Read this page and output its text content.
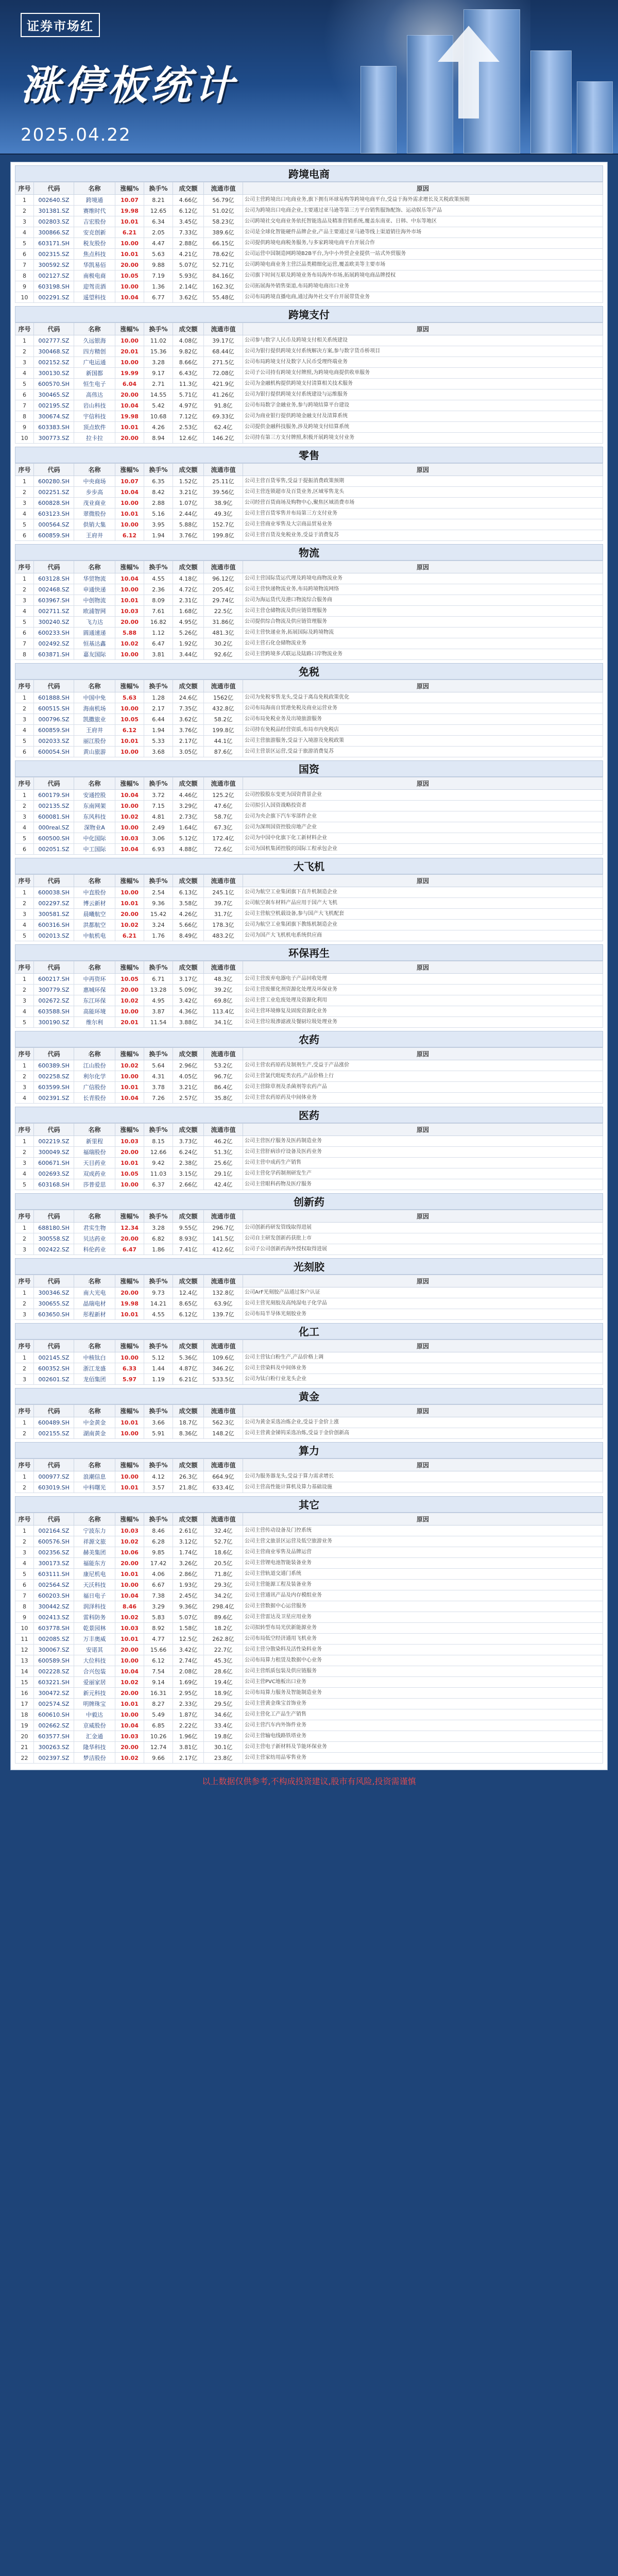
证券市场红
涨停板统计
2025.04.22
跨境电商
序号	代码	名称	涨幅%	换手%	成交额	流通市值	原因
1	002640.SZ	跨境通	10.07	8.21	4.66亿	56.79亿	公司主营跨境出口电商业务,旗下拥有环球易购等跨境电商平台,受益于海外需求增长及关税政策预期
2	301381.SZ	赛维时代	19.98	12.65	6.12亿	51.02亿	公司为跨境出口电商企业,主要通过亚马逊等第三方平台销售服饰配饰、运动娱乐等产品
3	002803.SZ	吉宏股份	10.01	6.34	3.45亿	58.23亿	公司跨境社交电商业务依托智能选品及精准营销系统,覆盖东南亚、日韩、中东等地区
4	300866.SZ	安克创新	6.21	2.05	7.33亿	389.6亿	公司是全球化智能硬件品牌企业,产品主要通过亚马逊等线上渠道销往海外市场
5	603171.SH	税友股份	10.00	4.47	2.88亿	66.15亿	公司提供跨境电商税务服务,与多家跨境电商平台开展合作
6	002315.SZ	焦点科技	10.01	5.63	4.21亿	78.62亿	公司运营中国制造网跨境B2B平台,为中小外贸企业提供一站式外贸服务
7	300592.SZ	华凯易佰	20.00	9.88	5.07亿	52.71亿	公司跨境电商业务主营泛品类精细化运营,覆盖欧美等主要市场
8	002127.SZ	南极电商	10.05	7.19	5.93亿	84.16亿	公司旗下时间互联及跨境业务布局海外市场,拓展跨境电商品牌授权
9	603198.SH	迎驾贡酒	10.00	1.36	2.14亿	162.3亿	公司拓展海外销售渠道,布局跨境电商出口业务
10	002291.SZ	遥望科技	10.04	6.77	3.62亿	55.48亿	公司布局跨境直播电商,通过海外社交平台开展带货业务
跨境支付
序号	代码	名称	涨幅%	换手%	成交额	流通市值	原因
1	002777.SZ	久远银海	10.00	11.02	4.08亿	39.17亿	公司参与数字人民币及跨境支付相关系统建设
2	300468.SZ	四方精创	20.01	15.36	9.82亿	68.44亿	公司为银行提供跨境支付系统解决方案,参与数字货币桥项目
3	002152.SZ	广电运通	10.00	3.28	8.66亿	271.5亿	公司布局跨境支付及数字人民币受理终端业务
4	300130.SZ	新国都	19.99	9.17	6.43亿	72.08亿	公司子公司持有跨境支付牌照,为跨境电商提供收单服务
5	600570.SH	恒生电子	6.04	2.71	11.3亿	421.9亿	公司为金融机构提供跨境支付清算相关技术服务
6	300465.SZ	高伟达	20.00	14.55	5.71亿	41.26亿	公司为银行提供跨境支付系统建设与运维服务
7	002195.SZ	岩山科技	10.04	5.42	4.97亿	91.8亿	公司布局数字金融业务,参与跨境结算平台建设
8	300674.SZ	宇信科技	19.98	10.68	7.12亿	69.33亿	公司为商业银行提供跨境金融支付及清算系统
9	603383.SH	顶点软件	10.01	4.26	2.53亿	62.4亿	公司提供金融科技服务,涉及跨境支付结算系统
10	300773.SZ	拉卡拉	20.00	8.94	12.6亿	146.2亿	公司持有第三方支付牌照,积极开展跨境支付业务
零售
序号	代码	名称	涨幅%	换手%	成交额	流通市值	原因
1	600280.SH	中央商场	10.07	6.35	1.52亿	25.11亿	公司主营百货零售,受益于提振消费政策预期
2	002251.SZ	步步高	10.04	8.42	3.21亿	39.56亿	公司主营连锁超市及百货业务,区域零售龙头
3	600828.SH	茂业商业	10.00	2.88	1.07亿	38.9亿	公司经营百货商场及购物中心,聚焦区域消费市场
4	603123.SH	翠微股份	10.01	5.16	2.44亿	49.3亿	公司主营百货零售并布局第三方支付业务
5	000564.SZ	供销大集	10.00	3.95	5.88亿	152.7亿	公司主营商业零售及大宗商品贸易业务
6	600859.SH	王府井	6.12	1.94	3.76亿	199.8亿	公司主营百货及免税业务,受益于消费复苏
物流
序号	代码	名称	涨幅%	换手%	成交额	流通市值	原因
1	603128.SH	华贸物流	10.04	4.55	4.18亿	96.12亿	公司主营国际货运代理及跨境电商物流业务
2	002468.SZ	申通快递	10.00	2.36	4.72亿	205.4亿	公司主营快递物流业务,布局跨境物流网络
3	603967.SH	中创物流	10.01	8.09	2.31亿	29.74亿	公司为海运货代及港口物流综合服务商
4	002711.SZ	欧浦智网	10.03	7.61	1.68亿	22.5亿	公司主营仓储物流及供应链管理服务
5	300240.SZ	飞力达	20.00	16.82	4.95亿	31.86亿	公司提供综合物流及供应链管理服务
6	600233.SH	圆通速递	5.88	1.12	5.26亿	481.3亿	公司主营快递业务,拓展国际及跨境物流
7	002492.SZ	恒基达鑫	10.02	6.47	1.92亿	30.2亿	公司主营石化仓储物流业务
8	603871.SH	嘉友国际	10.00	3.81	3.44亿	92.6亿	公司主营跨境多式联运及陆路口岸物流业务
免税
序号	代码	名称	涨幅%	换手%	成交额	流通市值	原因
1	601888.SH	中国中免	5.63	1.28	24.6亿	1562亿	公司为免税零售龙头,受益于离岛免税政策优化
2	600515.SH	海南机场	10.00	2.17	7.35亿	432.8亿	公司布局海南自贸港免税及商业运营业务
3	000796.SZ	凯撒旅业	10.05	6.44	3.62亿	58.2亿	公司布局免税业务及出境旅游服务
4	600859.SH	王府井	6.12	1.94	3.76亿	199.8亿	公司持有免税品经营资质,布局市内免税店
5	002033.SZ	丽江股份	10.01	5.33	2.17亿	44.1亿	公司主营旅游服务,受益于入境游及免税政策
6	600054.SH	黄山旅游	10.00	3.68	3.05亿	87.6亿	公司主营景区运营,受益于旅游消费复苏
国资
序号	代码	名称	涨幅%	换手%	成交额	流通市值	原因
1	600179.SH	安通控股	10.04	3.72	4.46亿	125.2亿	公司控股股东变更为国资背景企业
2	002135.SZ	东南网架	10.00	7.15	3.29亿	47.6亿	公司拟引入国资战略投资者
3	600081.SH	东风科技	10.02	4.81	2.73亿	58.7亿	公司为央企旗下汽车零部件企业
4	000real.SZ	深物业A	10.00	2.49	1.64亿	67.3亿	公司为深圳国资控股房地产企业
5	600500.SH	中化国际	10.03	3.06	5.12亿	172.4亿	公司为中国中化旗下化工新材料企业
6	002051.SZ	中工国际	10.04	6.93	4.88亿	72.6亿	公司为国机集团控股的国际工程承包企业
大飞机
序号	代码	名称	涨幅%	换手%	成交额	流通市值	原因
1	600038.SH	中直股份	10.00	2.54	6.13亿	245.1亿	公司为航空工业集团旗下直升机制造企业
2	002297.SZ	博云新材	10.01	9.36	3.58亿	39.7亿	公司航空刹车材料产品应用于国产大飞机
3	300581.SZ	晨曦航空	20.00	15.42	4.26亿	31.7亿	公司主营航空机载设备,参与国产大飞机配套
4	600316.SH	洪都航空	10.02	3.24	5.66亿	178.3亿	公司为航空工业集团旗下教练机制造企业
5	002013.SZ	中航机电	6.21	1.76	8.49亿	483.2亿	公司为国产大飞机机电系统供应商
环保再生
序号	代码	名称	涨幅%	换手%	成交额	流通市值	原因
1	600217.SH	中再资环	10.05	6.71	3.17亿	48.3亿	公司主营废弃电器电子产品回收处理
2	300779.SZ	惠城环保	20.00	13.28	5.09亿	39.2亿	公司主营废催化剂资源化处理及环保业务
3	002672.SZ	东江环保	10.02	4.95	3.42亿	69.8亿	公司主营工业危废处理及资源化利用
4	603588.SH	高能环境	10.00	3.87	4.36亿	113.4亿	公司主营环境修复及固废资源化业务
5	300190.SZ	维尔利	20.01	11.54	3.88亿	34.1亿	公司主营垃圾渗滤液及餐厨垃圾处理业务
农药
序号	代码	名称	涨幅%	换手%	成交额	流通市值	原因
1	600389.SH	江山股份	10.02	5.64	2.96亿	53.2亿	公司主营农药原药及制剂生产,受益于产品涨价
2	002258.SZ	利尔化学	10.00	4.31	4.05亿	96.7亿	公司主营氯代吡啶类农药,产品价格上行
3	603599.SH	广信股份	10.01	3.78	3.21亿	86.4亿	公司主营除草剂及杀菌剂等农药产品
4	002391.SZ	长青股份	10.04	7.26	2.57亿	35.8亿	公司主营农药原药及中间体业务
医药
序号	代码	名称	涨幅%	换手%	成交额	流通市值	原因
1	002219.SZ	新里程	10.03	8.15	3.73亿	46.2亿	公司主营医疗服务及医药制造业务
2	300049.SZ	福瑞股份	20.00	12.66	6.24亿	51.3亿	公司主营肝病诊疗设备及医药业务
3	600671.SH	天目药业	10.01	9.42	2.38亿	25.6亿	公司主营中成药生产销售
4	002693.SZ	双成药业	10.05	11.03	3.15亿	29.1亿	公司主营化学药制剂研发生产
5	603168.SH	莎普爱思	10.00	6.37	2.66亿	42.4亿	公司主营眼科药物及医疗服务
创新药
序号	代码	名称	涨幅%	换手%	成交额	流通市值	原因
1	688180.SH	君实生物	12.34	3.28	9.55亿	296.7亿	公司创新药研发管线取得进展
2	300558.SZ	贝达药业	20.00	6.82	8.93亿	141.5亿	公司自主研发创新药获批上市
3	002422.SZ	科伦药业	6.47	1.86	7.41亿	412.6亿	公司子公司创新药海外授权取得进展
光刻胶
序号	代码	名称	涨幅%	换手%	成交额	流通市值	原因
1	300346.SZ	南大光电	20.00	9.73	12.4亿	132.8亿	公司ArF光刻胶产品通过客户认证
2	300655.SZ	晶瑞电材	19.98	14.21	8.65亿	63.9亿	公司主营光刻胶及高纯湿电子化学品
3	603650.SH	彤程新材	10.01	4.55	6.12亿	139.7亿	公司布局半导体光刻胶业务
化工
序号	代码	名称	涨幅%	换手%	成交额	流通市值	原因
1	002145.SZ	中核钛白	10.00	5.12	5.36亿	109.6亿	公司主营钛白粉生产,产品价格上调
2	600352.SH	浙江龙盛	6.33	1.44	4.87亿	346.2亿	公司主营染料及中间体业务
3	002601.SZ	龙佰集团	5.97	1.19	6.21亿	533.5亿	公司为钛白粉行业龙头企业
黄金
序号	代码	名称	涨幅%	换手%	成交额	流通市值	原因
1	600489.SH	中金黄金	10.01	3.66	18.7亿	562.3亿	公司为黄金采选冶炼企业,受益于金价上涨
2	002155.SZ	湖南黄金	10.00	5.91	8.36亿	148.2亿	公司主营黄金锑钨采选冶炼,受益于金价创新高
算力
序号	代码	名称	涨幅%	换手%	成交额	流通市值	原因
1	000977.SZ	浪潮信息	10.00	4.12	26.3亿	664.9亿	公司为服务器龙头,受益于算力需求增长
2	603019.SH	中科曙光	10.01	3.57	21.8亿	633.4亿	公司主营高性能计算机及算力基础设施
其它
序号	代码	名称	涨幅%	换手%	成交额	流通市值	原因
1	002164.SZ	宁波东力	10.03	8.46	2.61亿	32.4亿	公司主营传动设备及门控系统
2	600576.SH	祥源文旅	10.02	6.28	3.12亿	52.7亿	公司主营文旅景区运营及低空旅游业务
3	002356.SZ	赫美集团	10.06	9.85	1.74亿	18.6亿	公司主营商业零售及品牌运营
4	300173.SZ	福能东方	20.00	17.42	3.26亿	20.5亿	公司主营锂电池智能装备业务
5	603111.SH	康尼机电	10.01	4.06	2.86亿	71.8亿	公司主营轨道交通门系统
6	002564.SZ	天沃科技	10.00	6.67	1.93亿	29.3亿	公司主营能源工程及装备业务
7	600203.SH	福日电子	10.04	7.38	2.45亿	34.2亿	公司主营通讯产品及内存模组业务
8	300442.SZ	润泽科技	8.46	3.29	9.36亿	298.4亿	公司主营数据中心运营服务
9	002413.SZ	雷科防务	10.02	5.83	5.07亿	89.6亿	公司主营雷达及卫星应用业务
10	603778.SH	乾景园林	10.03	8.92	1.58亿	18.2亿	公司拟转型布局光伏新能源业务
11	002085.SZ	万丰奥威	10.01	4.77	12.5亿	262.8亿	公司布局低空经济通用飞机业务
12	300067.SZ	安诺其	20.00	15.66	3.42亿	22.7亿	公司主营分散染料及活性染料业务
13	600589.SH	大位科技	10.00	6.12	2.74亿	45.3亿	公司布局算力租赁及数据中心业务
14	002228.SZ	合兴包装	10.04	7.54	2.08亿	28.6亿	公司主营纸质包装及供应链服务
15	603221.SH	爱丽家居	10.02	9.14	1.69亿	19.4亿	公司主营PVC地板出口业务
16	300472.SZ	新元科技	20.00	16.31	2.95亿	18.9亿	公司布局算力服务及智能制造业务
17	002574.SZ	明牌珠宝	10.01	8.27	2.33亿	29.5亿	公司主营黄金珠宝首饰业务
18	600610.SH	中毅达	10.00	5.49	1.87亿	34.6亿	公司主营化工产品生产销售
19	002662.SZ	京威股份	10.04	6.85	2.22亿	33.4亿	公司主营汽车内外饰件业务
20	603577.SH	汇金通	10.03	10.26	1.96亿	19.8亿	公司主营输电线路铁塔业务
21	300263.SZ	隆华科技	20.00	12.74	3.81亿	30.1亿	公司主营电子新材料及节能环保业务
22	002397.SZ	梦洁股份	10.02	9.66	2.17亿	23.8亿	公司主营家纺用品零售业务
以上数据仅供参考,不构成投资建议,股市有风险,投资需谨慎
